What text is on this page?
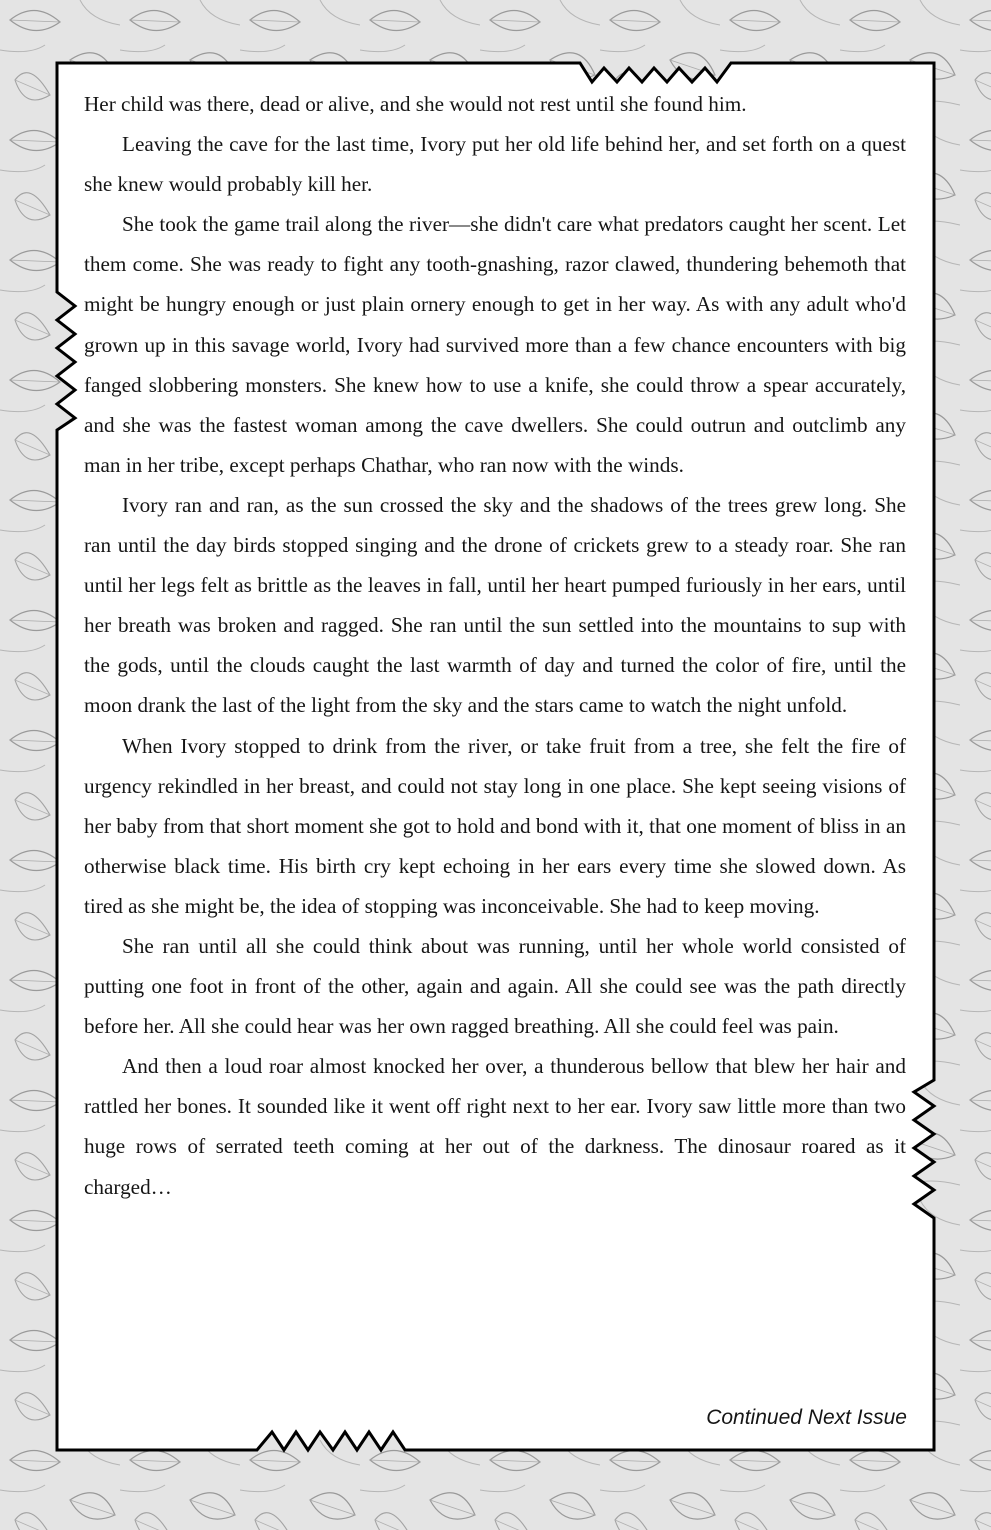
Her child was there, dead or alive, and she would not rest until she found him.

Leaving the cave for the last time, Ivory put her old life behind her, and set forth on a quest she knew would probably kill her.

She took the game trail along the river—she didn't care what predators caught her scent. Let them come. She was ready to fight any tooth-gnashing, razor clawed, thundering behemoth that might be hungry enough or just plain ornery enough to get in her way. As with any adult who'd grown up in this savage world, Ivory had survived more than a few chance encounters with big fanged slobbering monsters. She knew how to use a knife, she could throw a spear accurately, and she was the fastest woman among the cave dwellers. She could outrun and outclimb any man in her tribe, except perhaps Chathar, who ran now with the winds.

Ivory ran and ran, as the sun crossed the sky and the shadows of the trees grew long. She ran until the day birds stopped singing and the drone of crickets grew to a steady roar. She ran until her legs felt as brittle as the leaves in fall, until her heart pumped furiously in her ears, until her breath was broken and ragged. She ran until the sun settled into the mountains to sup with the gods, until the clouds caught the last warmth of day and turned the color of fire, until the moon drank the last of the light from the sky and the stars came to watch the night unfold.

When Ivory stopped to drink from the river, or take fruit from a tree, she felt the fire of urgency rekindled in her breast, and could not stay long in one place. She kept seeing visions of her baby from that short moment she got to hold and bond with it, that one moment of bliss in an otherwise black time. His birth cry kept echoing in her ears every time she slowed down. As tired as she might be, the idea of stopping was inconceivable. She had to keep moving.

She ran until all she could think about was running, until her whole world consisted of putting one foot in front of the other, again and again. All she could see was the path directly before her. All she could hear was her own ragged breathing. All she could feel was pain.

And then a loud roar almost knocked her over, a thunderous bellow that blew her hair and rattled her bones. It sounded like it went off right next to her ear. Ivory saw little more than two huge rows of serrated teeth coming at her out of the darkness. The dinosaur roared as it charged…

Continued Next Issue
